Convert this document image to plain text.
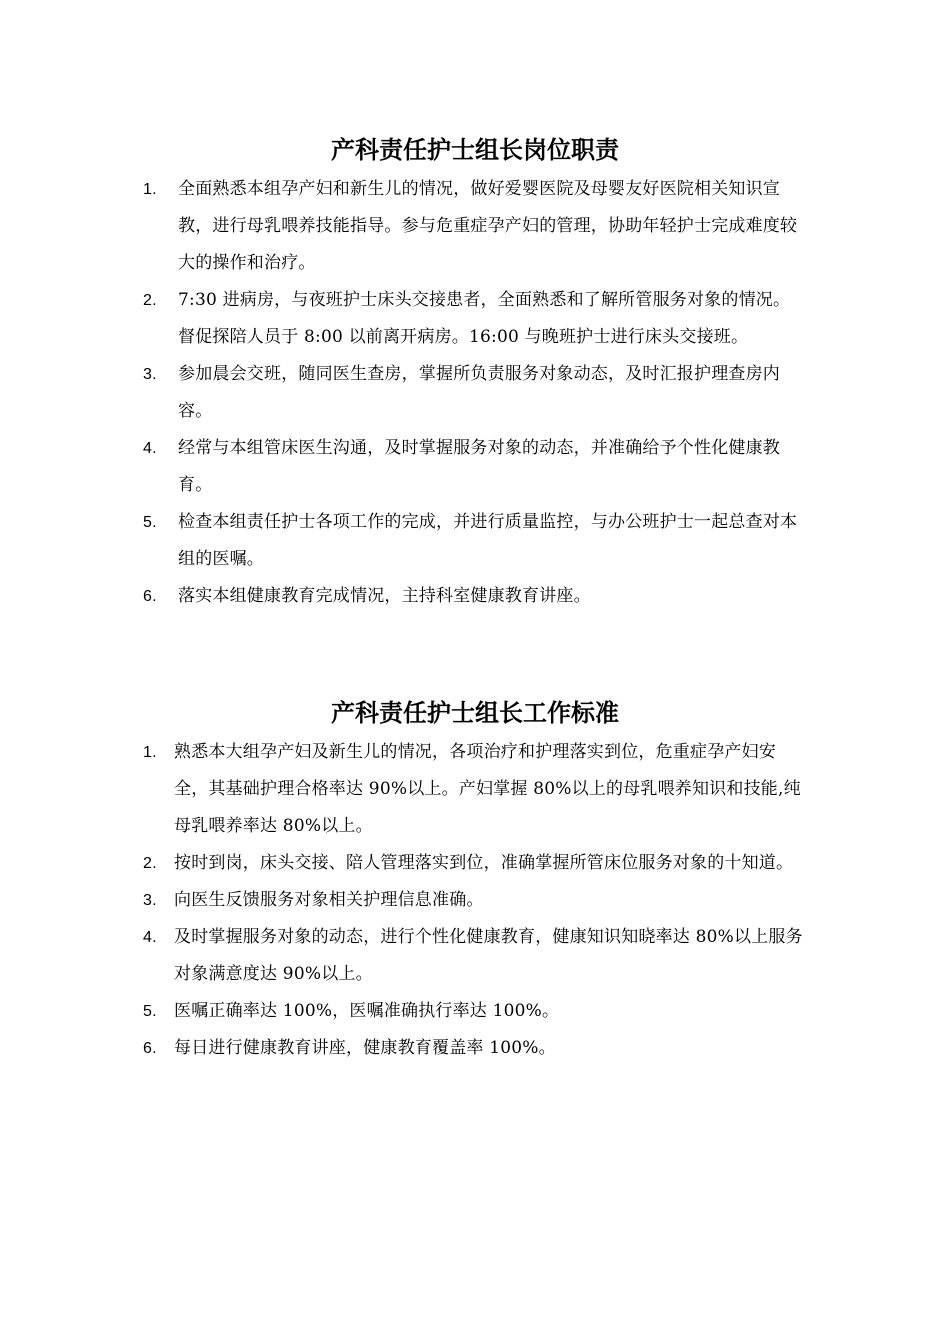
产科责任护士组长岗位职责
1. 全面熟悉本组孕产妇和新生儿的情况，做好爱婴医院及母婴友好医院相关知识宣教，进行母乳喂养技能指导。参与危重症孕产妇的管理，协助年轻护士完成难度较大的操作和治疗。
2. 7:30 进病房，与夜班护士床头交接患者，全面熟悉和了解所管服务对象的情况。督促探陪人员于 8:00 以前离开病房。16:00 与晚班护士进行床头交接班。
3. 参加晨会交班，随同医生查房，掌握所负责服务对象动态，及时汇报护理查房内容。
4. 经常与本组管床医生沟通，及时掌握服务对象的动态，并准确给予个性化健康教育。
5. 检查本组责任护士各项工作的完成，并进行质量监控，与办公班护士一起总查对本组的医嘱。
6. 落实本组健康教育完成情况，主持科室健康教育讲座。
产科责任护士组长工作标准
1. 熟悉本大组孕产妇及新生儿的情况，各项治疗和护理落实到位，危重症孕产妇安全，其基础护理合格率达 90%以上。产妇掌握 80%以上的母乳喂养知识和技能,纯母乳喂养率达 80%以上。
2. 按时到岗，床头交接、陪人管理落实到位，准确掌握所管床位服务对象的十知道。
3. 向医生反馈服务对象相关护理信息准确。
4. 及时掌握服务对象的动态，进行个性化健康教育，健康知识知晓率达 80%以上服务对象满意度达 90%以上。
5. 医嘱正确率达 100%，医嘱准确执行率达 100%。
6. 每日进行健康教育讲座，健康教育覆盖率 100%。
